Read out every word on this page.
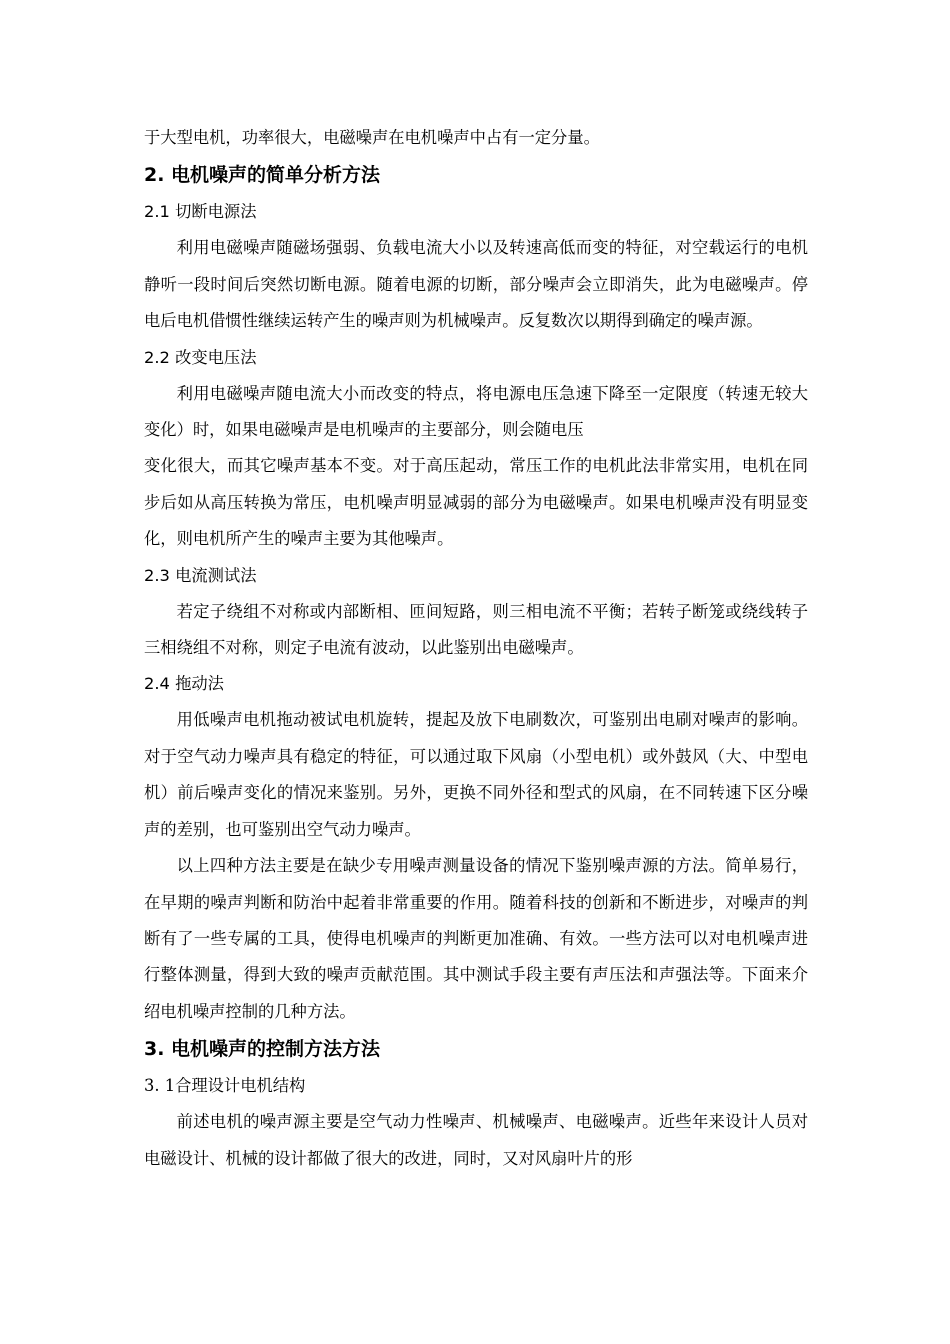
于大型电机，功率很大，电磁噪声在电机噪声中占有一定分量。

2. 电机噪声的简单分析方法
2.1 切断电源法

利用电磁噪声随磁场强弱、负载电流大小以及转速高低而变的特征，对空载运行的电机静听一段时间后突然切断电源。随着电源的切断，部分噪声会立即消失，此为电磁噪声。停电后电机借惯性继续运转产生的噪声则为机械噪声。反复数次以期得到确定的噪声源。

2.2 改变电压法

利用电磁噪声随电流大小而改变的特点，将电源电压急速下降至一定限度（转速无较大变化）时，如果电磁噪声是电机噪声的主要部分，则会随电压

变化很大，而其它噪声基本不变。对于高压起动，常压工作的电机此法非常实用，电机在同步后如从高压转换为常压，电机噪声明显减弱的部分为电磁噪声。如果电机噪声没有明显变化，则电机所产生的噪声主要为其他噪声。

2.3 电流测试法

若定子绕组不对称或内部断相、匝间短路，则三相电流不平衡；若转子断笼或绕线转子三相绕组不对称，则定子电流有波动，以此鉴别出电磁噪声。

2.4 拖动法

用低噪声电机拖动被试电机旋转，提起及放下电刷数次，可鉴别出电刷对噪声的影响。对于空气动力噪声具有稳定的特征，可以通过取下风扇（小型电机）或外鼓风（大、中型电机）前后噪声变化的情况来鉴别。另外，更换不同外径和型式的风扇，在不同转速下区分噪声的差别，也可鉴别出空气动力噪声。

以上四种方法主要是在缺少专用噪声测量设备的情况下鉴别噪声源的方法。简单易行，在早期的噪声判断和防治中起着非常重要的作用。随着科技的创新和不断进步，对噪声的判断有了一些专属的工具，使得电机噪声的判断更加准确、有效。一些方法可以对电机噪声进行整体测量，得到大致的噪声贡献范围。其中测试手段主要有声压法和声强法等。下面来介绍电机噪声控制的几种方法。

3. 电机噪声的控制方法方法
3. 1合理设计电机结构

前述电机的噪声源主要是空气动力性噪声、机械噪声、电磁噪声。近些年来设计人员对电磁设计、机械的设计都做了很大的改进，同时，又对风扇叶片的形
